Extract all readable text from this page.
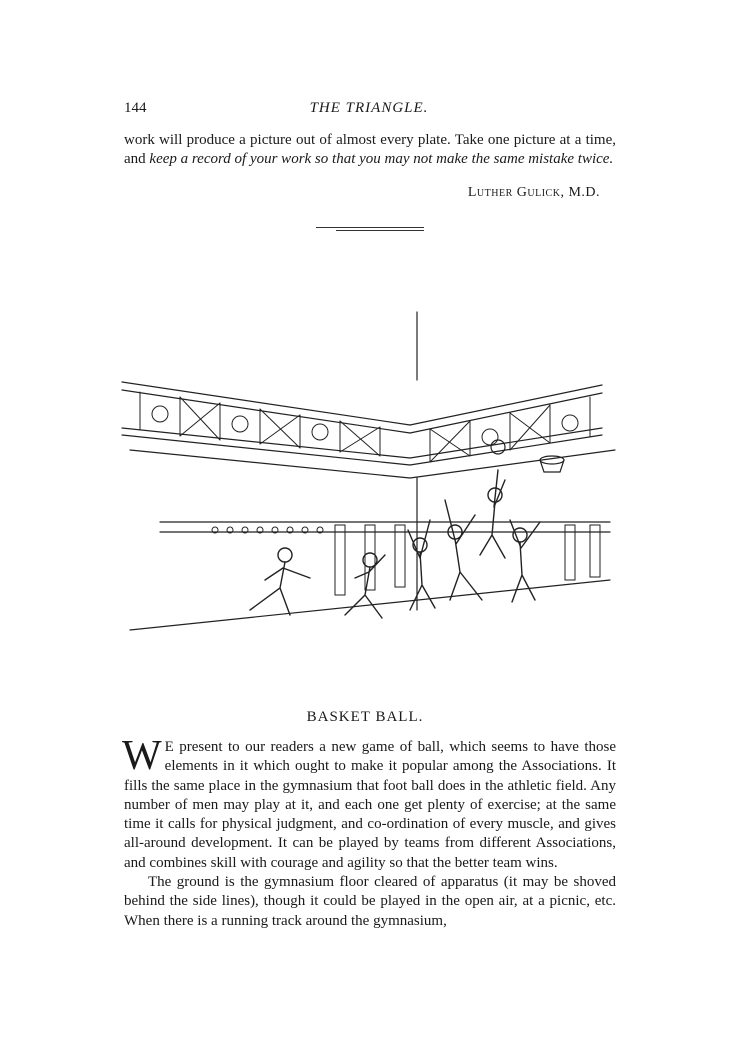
144	THE TRIANGLE.
work will produce a picture out of almost every plate. Take one picture at a time, and keep a record of your work so that you may not make the same mistake twice.
Luther Gulick, M.D.
BASKET BALL.

W E present to our readers a new game of ball, which seems to have those elements in it which ought to make it popular among the Associations. It fills the same place in the gymnasium that foot ball does in the athletic field. Any number of men may play at it, and each one get plenty of exercise; at the same time it calls for physical judgment, and co-ordination of every muscle, and gives all-around development. It can be played by teams from different Associations, and combines skill with courage and agility so that the better team wins.

The ground is the gymnasium floor cleared of apparatus (it may be shoved behind the side lines), though it could be played in the open air, at a picnic, etc. When there is a running track around the gymnasium,
